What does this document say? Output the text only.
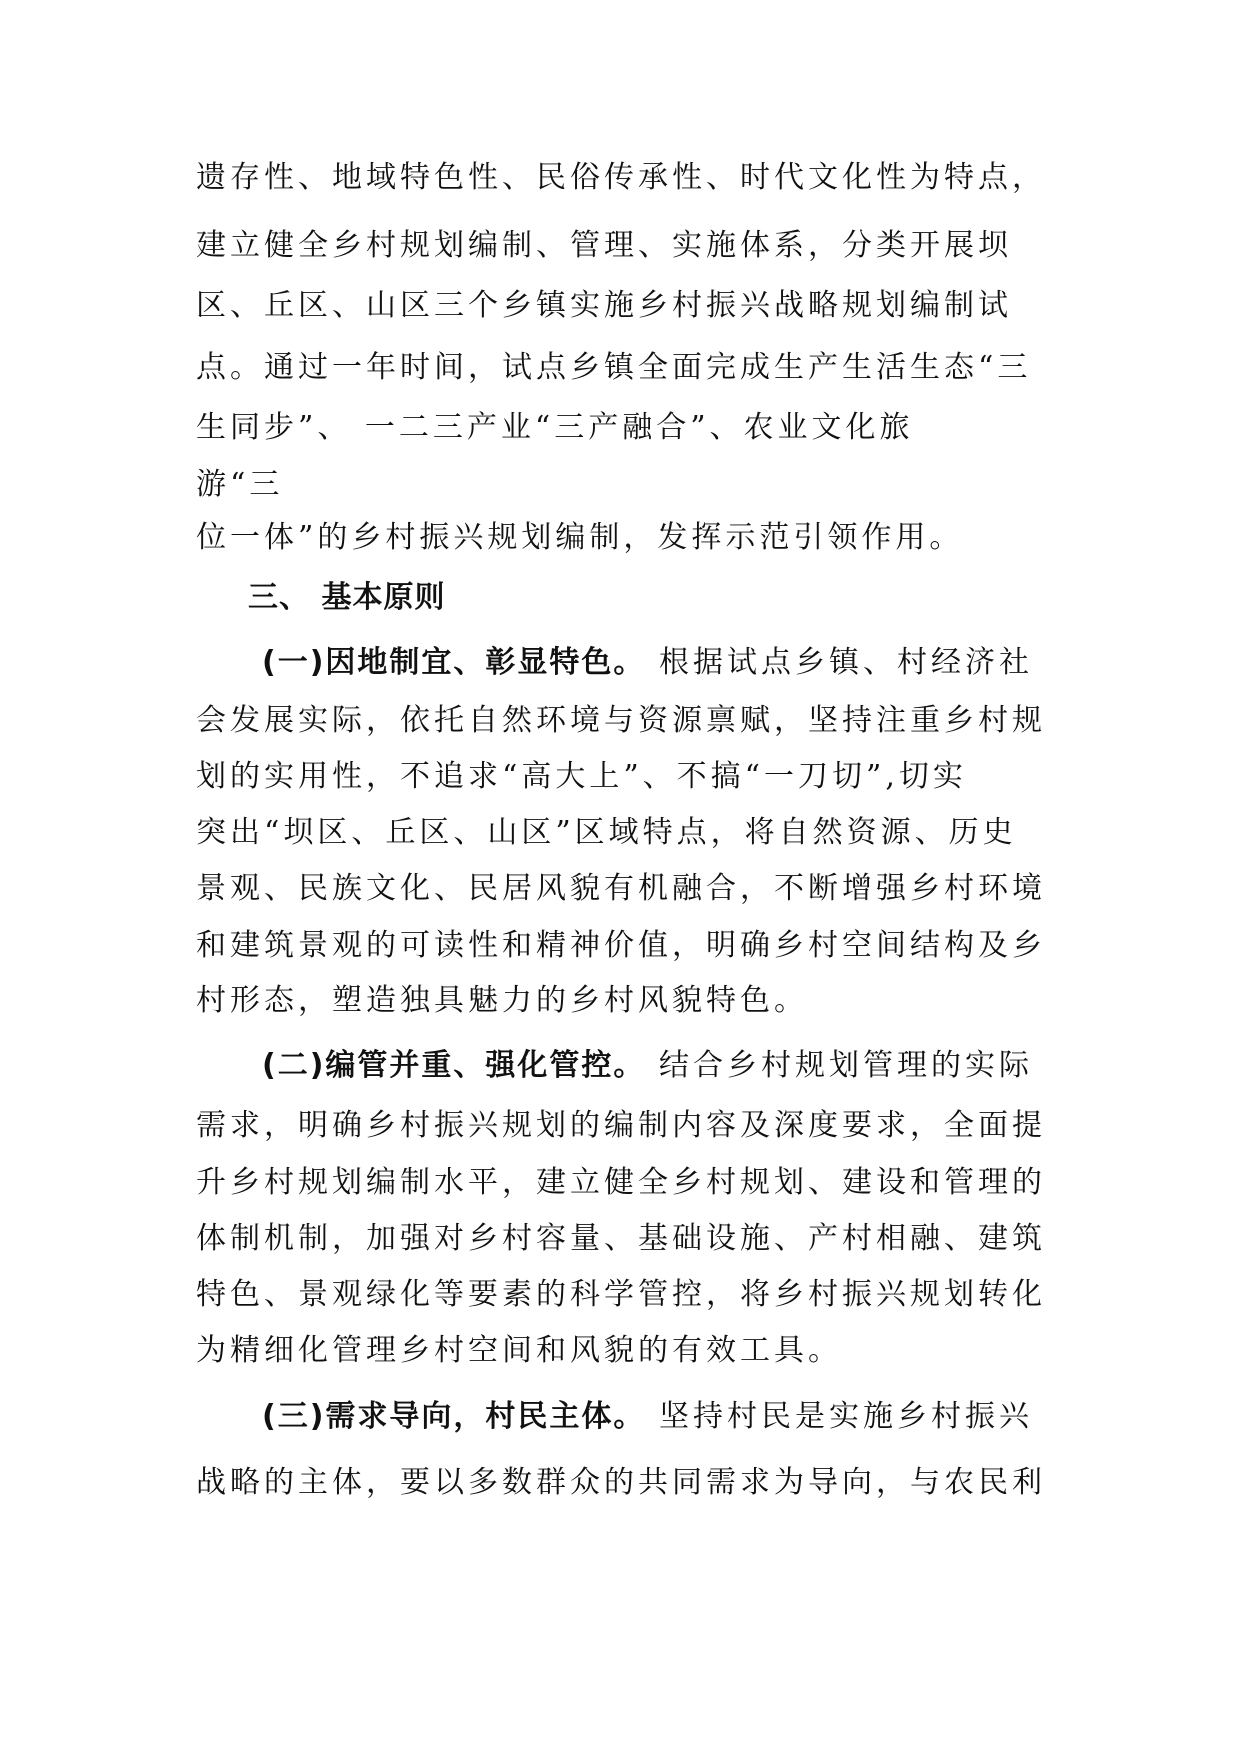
遗存性、地域特色性、民俗传承性、时代文化性为特点，
建立健全乡村规划编制、管理、实施体系，分类开展坝
区、丘区、山区三个乡镇实施乡村振兴战略规划编制试
点。通过一年时间，试点乡镇全面完成生产生活生态“三
生同步”、 一二三产业“三产融合”、农业文化旅
游“三
位一体”的乡村振兴规划编制，发挥示范引领作用。
三、 基本原则
(一)因地制宜、彰显特色。 根据试点乡镇、村经济社
会发展实际，依托自然环境与资源禀赋，坚持注重乡村规
划的实用性，不追求“高大上”、不搞“一刀切”,切实
突出“坝区、丘区、山区”区域特点，将自然资源、历史
景观、民族文化、民居风貌有机融合，不断增强乡村环境
和建筑景观的可读性和精神价值，明确乡村空间结构及乡
村形态，塑造独具魅力的乡村风貌特色。
(二)编管并重、强化管控。 结合乡村规划管理的实际
需求，明确乡村振兴规划的编制内容及深度要求，全面提
升乡村规划编制水平，建立健全乡村规划、建设和管理的
体制机制，加强对乡村容量、基础设施、产村相融、建筑
特色、景观绿化等要素的科学管控，将乡村振兴规划转化
为精细化管理乡村空间和风貌的有效工具。
(三)需求导向，村民主体。 坚持村民是实施乡村振兴
战略的主体，要以多数群众的共同需求为导向，与农民利
